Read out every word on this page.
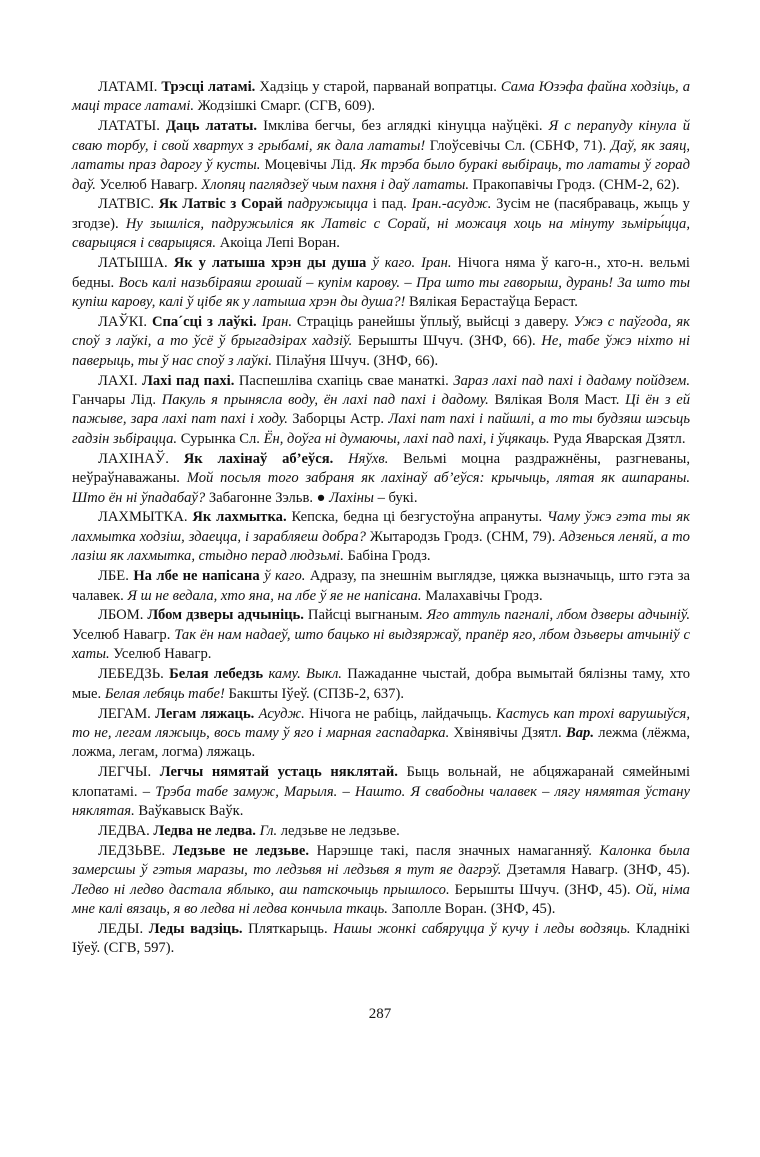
ЛАТАМІ. Трэсці латамі. Хадзіць у старой, парванай вопратцы. Сама Юзэфа файна ходзіць, а маці трасе латамі. Жодзішкі Смарг. (СГВ, 609).

ЛАТАТЫ. Даць лататы. Імкліва бегчы, без аглядкі кінуцца наўцёкі. Я с перапуду кінула й сваю торбу, і свой хвартух з грыбамі, як дала лататы! Глоўсевічы Сл. (СБНФ, 71). Даў, як заяц, лататы праз дарогу ў кусты. Моцевічы Лід. Як трэба было буракі выбіраць, то лататы ў горад даў. Уселюб Навагр. Хлопяц паглядзеў чым пахня і даў лататы. Пракопавічы Гродз. (СНМ-2, 62).

ЛАТВІС. Як Латвіс з Сорай падружыцца і пад. Іран.-асудж. Зусім не (пасябраваць, жыць у згодзе). Ну зышліся, падружыліся як Латвіс с Сорай, ні можаця хоць на мінуту зьміры́цца, сварыцяся і сварыцяся. Акоіца Лепі Воран.

ЛАТЫША. Як у латыша хрэн ды душа ў каго. Іран. Нічога няма ў каго-н., хто-н. вельмі бедны. Вось калі назьбіраяш грошай – купім карову. – Пра што ты гаворыш, дурань! За што ты купіш карову, калі ў цібе як у латыша хрэн ды душа?! Вялікая Берастаўца Берaст.

ЛАЎКІ. Спа´сці з лаўкі. Іран. Страціць ранейшы ўплыў, выйсці з даверу. Ужэ с паўгода, як споў з лаўкі, а то ўсё ў брыгадзірах хадзіў. Берышты Шчуч. (ЗНФ, 66). Не, табе ўжэ ніхто ні паверыць, ты ў нас споў з лаўкі. Пілаўня Шчуч. (ЗНФ, 66).

ЛАХІ. Лахі пад пахі. Паспешліва схапіць свае манаткі. Зараз лахі пад пахі і дадаму пойдзем. Ганчары Лід. Пакуль я прыняcла воду, ён лахі пад пахі і дадому. Вялікая Воля Маст. Ці ён з ей пажыве, зара лахі пат пахі і ходу. Заборцы Астр. Лахі пат пахі і пайшлі, а то ты будзяш шэсьць гадзін зьбірацца. Сурынка Сл. Ён, доўга ні думаючы, лахі пад пахі, і ўцякаць. Руда Яварская Дзятл.

ЛАХІНАЎ. Як лахінаў аб’еўся. Няўхв. Вельмі моцна раздражнёны, разгневаны, неўраўнаважаны. Мой посьля того забраня як лахінаў аб’еўся: крычыць, лятая як ашпараны. Што ён ні ўпадабаў? Забагонне Зэльв. ● Лахіны – букі.

ЛАХМЫТКА. Як лахмытка. Кепска, бедна ці безгустоўна апрануты. Чаму ўжэ гэта ты як лахмытка ходзіш, здаецца, і зарабляеш добра? Жытародзь Гродз. (СНМ, 79). Адзенься леняй, а то лазіш як лахмытка, стыдно перад людзьмі. Бабіна Гродз.

ЛБЕ. На лбе не напісана ў каго. Адразу, па знешнім выглядзе, цяжка вызначыць, што гэта за чалавек. Я ш не ведала, хто яна, на лбе ў яе не напісана. Малахавічы Гродз.

ЛБОМ. Лбом дзверы адчыніць. Пайсці выгнаным. Яго аттуль пагналі, лбом дзверы адчыніў. Уселюб Навагр. Так ён нам надаеў, што бацько ні выдзяржаў, прапёр яго, лбом дзьверы атчыніў с хаты. Уселюб Навагр.

ЛЕБЕДЗЬ. Белая лебедзь каму. Выкл. Пажаданне чыстай, добра вымытай бялізны таму, хто мые. Белая лебяць табе! Бакшты Іўеў. (СПЗБ-2, 637).

ЛЕГАМ. Легам ляжаць. Асудж. Нічога не рабіць, лайдачыць. Кастусь кап трохі варушыўся, то не, легам ляжыць, вось таму ў яго і марная гаспадарка. Хвінявічы Дзятл. Вар. лежма (лёжма, ложма, легам, логма) ляжаць.

ЛЕГЧЫ. Легчы нямятай устаць няклятай. Быць вольнай, не абцяжаранай сямейнымі клопатамі. – Трэба табе замуж, Марыля. – Нашто. Я свабодны чалавек – лягу нямятая ўстану няклятая. Ваўкавыск Ваўк.

ЛЕДВА. Ледва не ледва. Гл. ледзьве не ледзьве.

ЛЕДЗЬВЕ. Ледзьве не ледзьве. Нарэшце такі, пасля значных намаганняў. Калонка была замерсшы ў гэтыя маразы, то ледзьвя ні ледзьвя я тут яе дагрэў. Дзетамля Навагр. (ЗНФ, 45). Ледво ні ледво дастала яблыко, аш патскочыць прышлосо. Берышты Шчуч. (ЗНФ, 45). Ой, німа мне калі вязаць, я во ледва ні ледва кончыла ткаць. Заполле Воран. (ЗНФ, 45).

ЛЕДЫ. Леды вадзіць. Пляткарыць. Нашы жонкі сабяруцца ў кучу і леды водзяць. Кладнікі Іўеў. (СГВ, 597).

287
